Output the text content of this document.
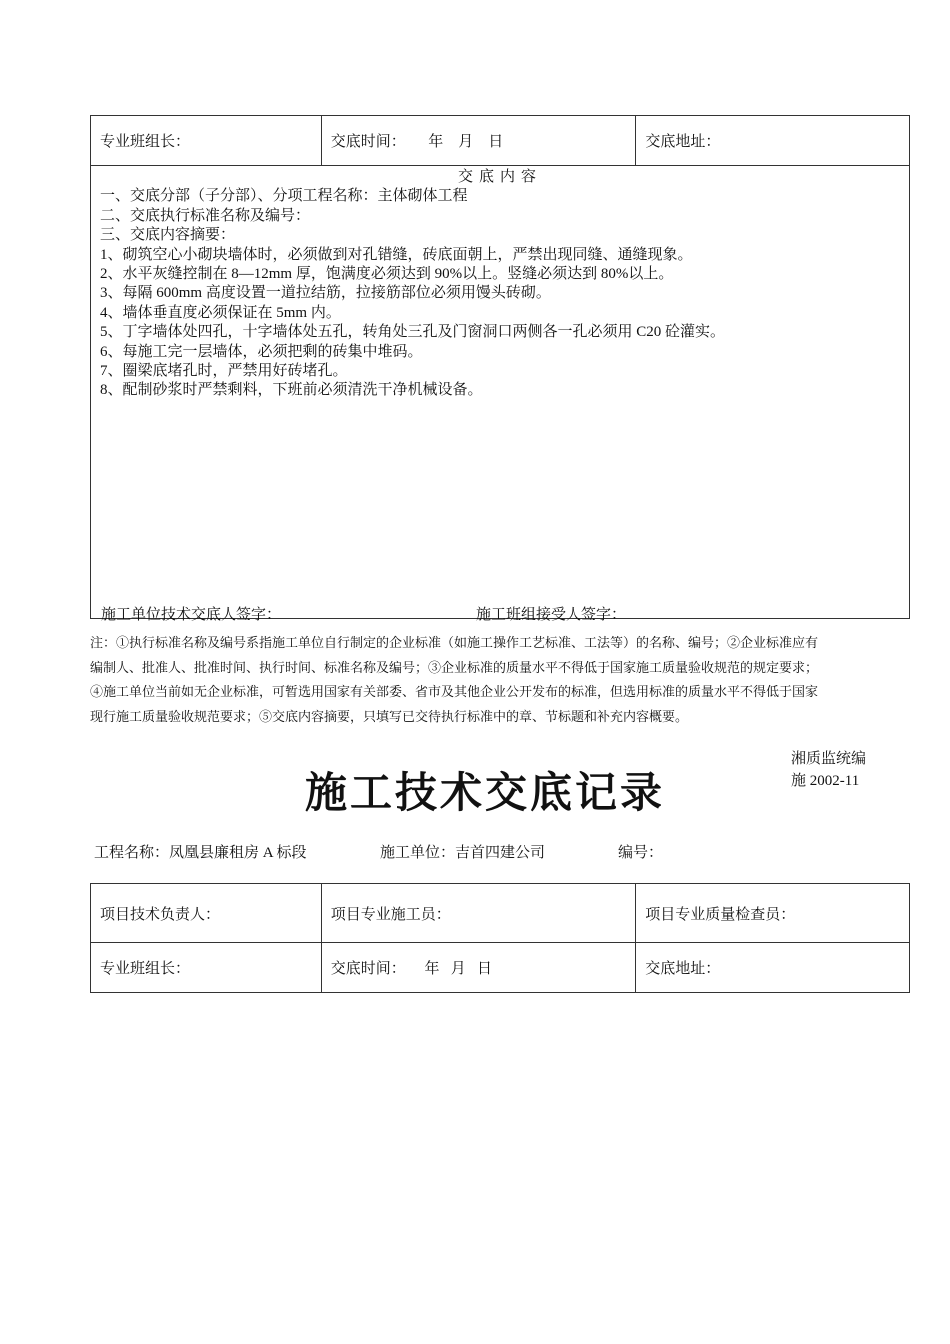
专业班组长：	交底时间：      年    月    日	交底地址：

交底内容
一、交底分部（子分部）、分项工程名称：主体砌体工程
二、交底执行标准名称及编号：
三、交底内容摘要：
1、砌筑空心小砌块墙体时，必须做到对孔错缝，砖底面朝上，严禁出现同缝、通缝现象。
2、水平灰缝控制在 8—12mm 厚，饱满度必须达到 90%以上。竖缝必须达到 80%以上。
3、每隔 600mm 高度设置一道拉结筋，拉接筋部位必须用馒头砖砌。
4、墙体垂直度必须保证在 5mm 内。
5、丁字墙体处四孔，十字墙体处五孔，转角处三孔及门窗洞口两侧各一孔必须用 C20 砼灌实。
6、每施工完一层墙体，必须把剩的砖集中堆码。
7、圈梁底堵孔时，严禁用好砖堵孔。
8、配制砂浆时严禁剩料，下班前必须清洗干净机械设备。
施工单位技术交底人签字：	施工班组接受人签字：
注：①执行标准名称及编号系指施工单位自行制定的企业标准（如施工操作工艺标准、工法等）的名称、编号；②企业标准应有
编制人、批准人、批准时间、执行时间、标准名称及编号；③企业标准的质量水平不得低于国家施工质量验收规范的规定要求；
④施工单位当前如无企业标准，可暂选用国家有关部委、省市及其他企业公开发布的标准，但选用标准的质量水平不得低于国家
现行施工质量验收规范要求；⑤交底内容摘要，只填写已交待执行标准中的章、节标题和补充内容概要。
湘质监统编
施 2002-11
施工技术交底记录
工程名称：凤凰县廉租房 A 标段	施工单位：吉首四建公司	编号：
项目技术负责人：	项目专业施工员：	项目专业质量检查员：
专业班组长：	交底时间：     年   月   日	交底地址：
